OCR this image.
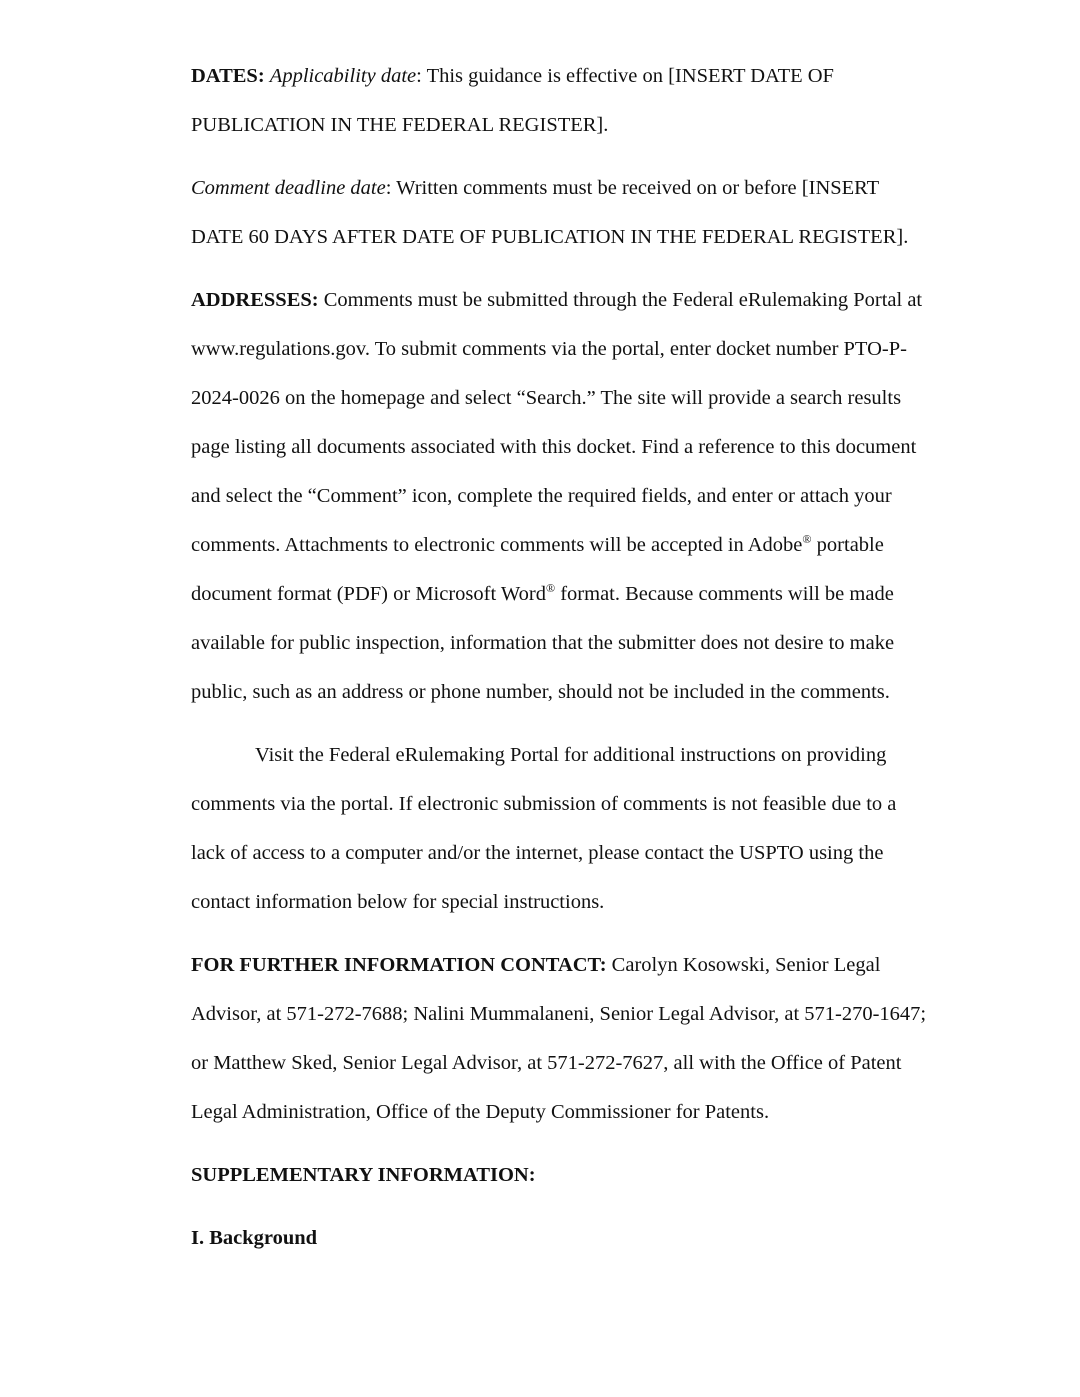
DATES: Applicability date: This guidance is effective on [INSERT DATE OF
PUBLICATION IN THE FEDERAL REGISTER].
Comment deadline date: Written comments must be received on or before [INSERT
DATE 60 DAYS AFTER DATE OF PUBLICATION IN THE FEDERAL REGISTER].
ADDRESSES: Comments must be submitted through the Federal eRulemaking Portal at
www.regulations.gov. To submit comments via the portal, enter docket number PTO-P-
2024-0026 on the homepage and select “Search.” The site will provide a search results
page listing all documents associated with this docket. Find a reference to this document
and select the “Comment” icon, complete the required fields, and enter or attach your
comments. Attachments to electronic comments will be accepted in Adobe® portable
document format (PDF) or Microsoft Word® format. Because comments will be made
available for public inspection, information that the submitter does not desire to make
public, such as an address or phone number, should not be included in the comments.
Visit the Federal eRulemaking Portal for additional instructions on providing
comments via the portal. If electronic submission of comments is not feasible due to a
lack of access to a computer and/or the internet, please contact the USPTO using the
contact information below for special instructions.
FOR FURTHER INFORMATION CONTACT: Carolyn Kosowski, Senior Legal
Advisor, at 571-272-7688; Nalini Mummalaneni, Senior Legal Advisor, at 571-270-1647;
or Matthew Sked, Senior Legal Advisor, at 571-272-7627, all with the Office of Patent
Legal Administration, Office of the Deputy Commissioner for Patents.
SUPPLEMENTARY INFORMATION:
I. Background
